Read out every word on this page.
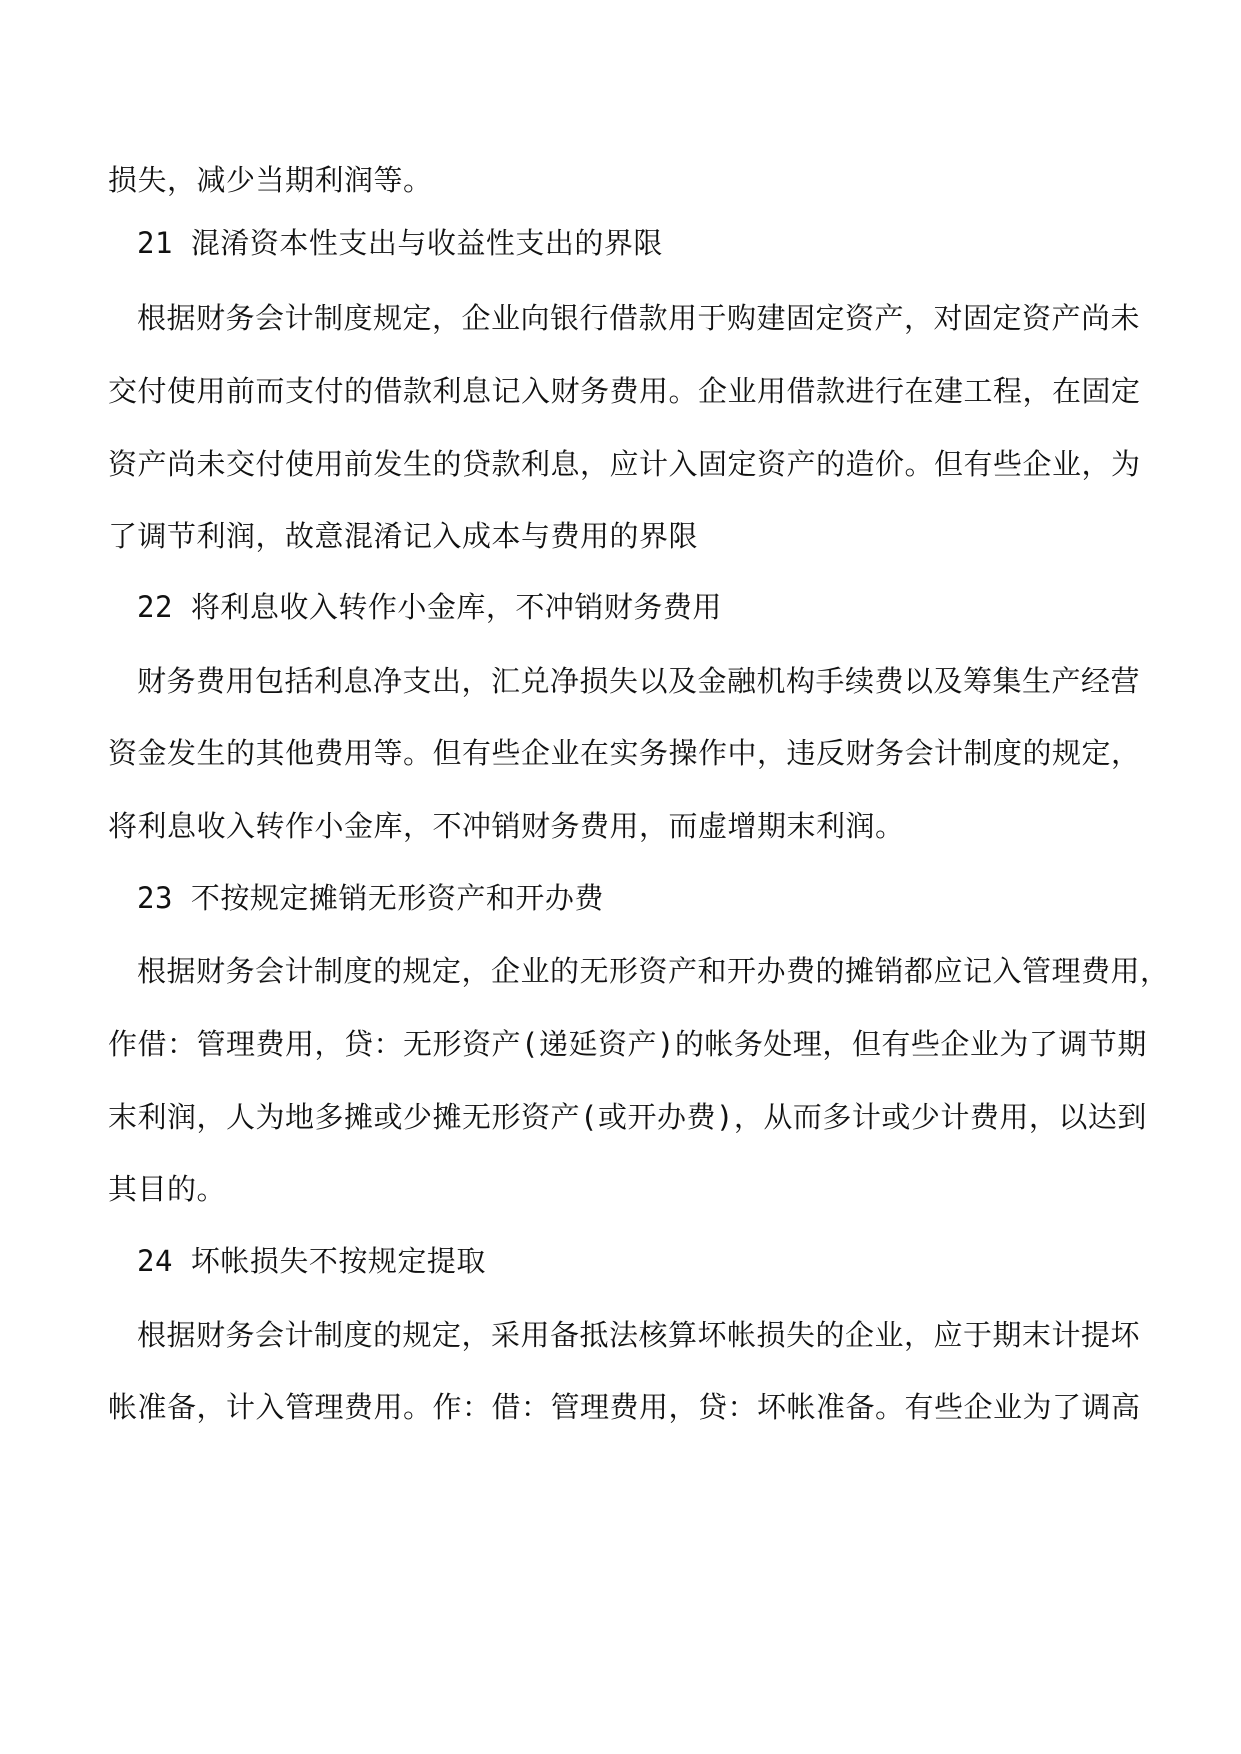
损失，减少当期利润等。
21 混淆资本性支出与收益性支出的界限
根据财务会计制度规定，企业向银行借款用于购建固定资产，对固定资产尚未
交付使用前而支付的借款利息记入财务费用。企业用借款进行在建工程，在固定
资产尚未交付使用前发生的贷款利息，应计入固定资产的造价。但有些企业，为
了调节利润，故意混淆记入成本与费用的界限
22 将利息收入转作小金库，不冲销财务费用
财务费用包括利息净支出，汇兑净损失以及金融机构手续费以及筹集生产经营
资金发生的其他费用等。但有些企业在实务操作中，违反财务会计制度的规定，
将利息收入转作小金库，不冲销财务费用，而虚增期末利润。
23 不按规定摊销无形资产和开办费
根据财务会计制度的规定，企业的无形资产和开办费的摊销都应记入管理费用，
作借：管理费用，贷：无形资产(递延资产)的帐务处理，但有些企业为了调节期
末利润，人为地多摊或少摊无形资产(或开办费)，从而多计或少计费用，以达到
其目的。
24 坏帐损失不按规定提取
根据财务会计制度的规定，采用备抵法核算坏帐损失的企业，应于期末计提坏
帐准备，计入管理费用。作：借：管理费用，贷：坏帐准备。有些企业为了调高
